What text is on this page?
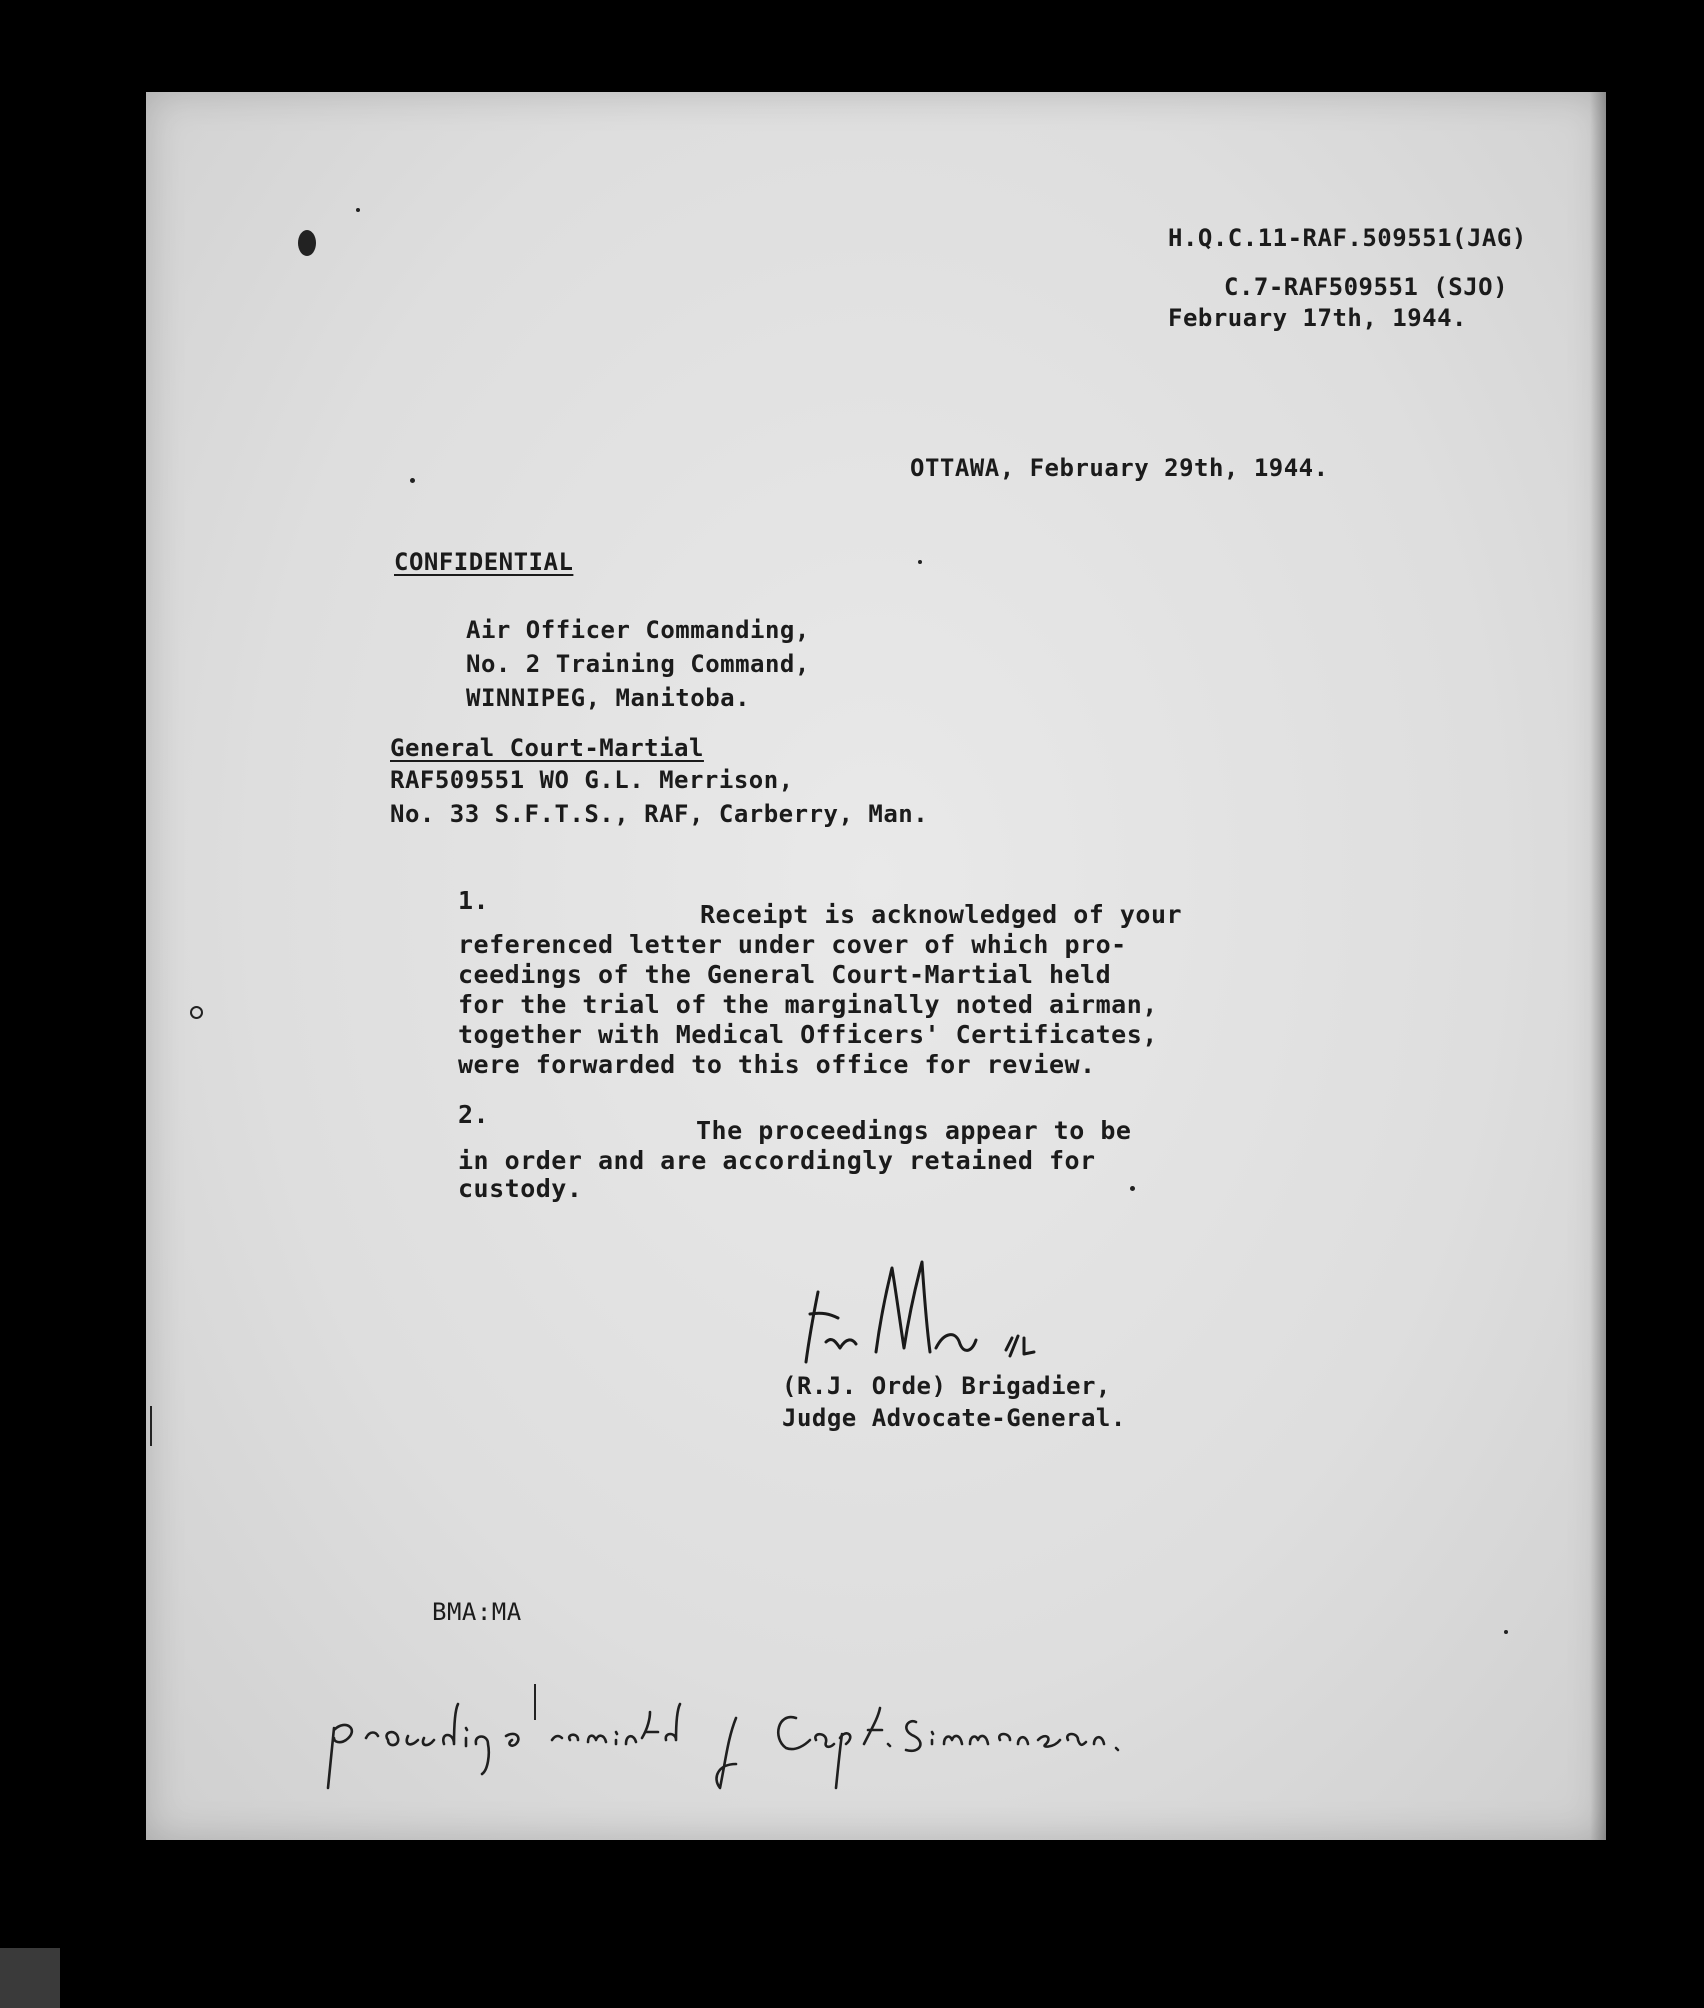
H.Q.C.11-RAF.509551(JAG)
C.7-RAF509551 (SJO)
February 17th, 1944.
OTTAWA, February 29th, 1944.
CONFIDENTIAL
Air Officer Commanding,
No. 2 Training Command,
WINNIPEG, Manitoba.
General Court-Martial
RAF509551 WO G.L. Merrison,
No. 33 S.F.T.S., RAF, Carberry, Man.
1.	Receipt is acknowledged of your
referenced letter under cover of which pro-
ceedings of the General Court-Martial held
for the trial of the marginally noted airman,
together with Medical Officers' Certificates,
were forwarded to this office for review.
2.
The proceedings appear to be
in order and are accordingly retained for
custody.
(R.J. Orde) Brigadier,
Judge Advocate-General.
BMA:MA
